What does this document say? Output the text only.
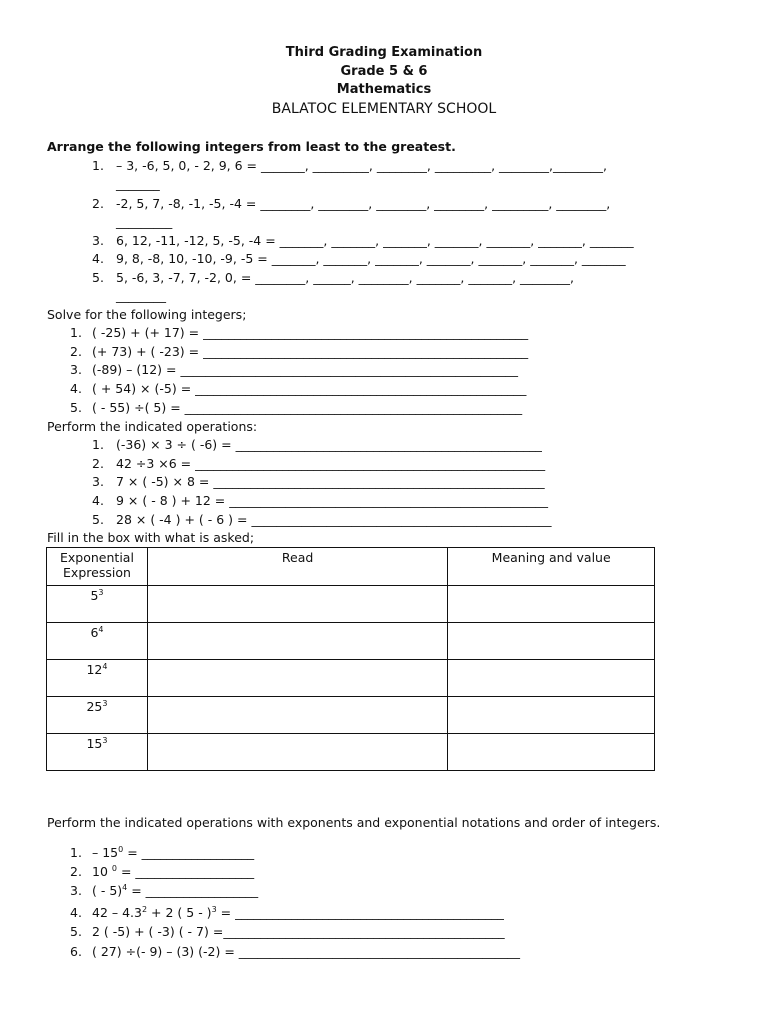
Third Grading Examination
Grade 5 & 6
Mathematics
BALATOC ELEMENTARY SCHOOL
Arrange the following integers from least to the greatest.
1. – 3, -6, 5, 0, - 2, 9, 6 = _______, _________, ________, _________, ________,________,
_______
2. -2, 5, 7, -8, -1, -5, -4 = ________, ________, ________, ________, _________, ________,
_________
3. 6, 12, -11, -12, 5, -5, -4 = _______, _______, _______, _______, _______, _______, _______
4. 9, 8, -8, 10, -10, -9, -5 = _______, _______, _______, _______, _______, _______, _______
5. 5, -6, 3, -7, 7, -2, 0, = ________, ______, ________, _______, _______, ________,
________
Solve for the following integers;
1. ( -25) + (+ 17) = ____________________________________________________
2. (+ 73) + ( -23) = ____________________________________________________
3. (-89) – (12) = ______________________________________________________
4. ( + 54) × (-5) = _____________________________________________________
5. ( - 55) ÷( 5) = ______________________________________________________
Perform the indicated operations:
1. (-36) × 3 ÷ ( -6) = _________________________________________________
2. 42 ÷3 ×6 = ________________________________________________________
3. 7 × ( -5) × 8 = _____________________________________________________
4. 9 × ( - 8 ) + 12 = ___________________________________________________
5. 28 × ( -4 ) + ( - 6 ) = ________________________________________________
Fill in the box with what is asked;
Exponential Expression	Read	Meaning and value
$5^3$		
$6^4$		
$12^4$		
$25^3$		
$15^3$		
Perform the indicated operations with exponents and exponential notations and order of integers.
1. – $15^0$ = __________________
2. 10 $^0$ = ___________________
3. ( - 5)$^4$ = __________________
4. $42 - 4.3^2 + 2$ ( 5 - )$^3$ = ___________________________________________
5. 2 ( -5) + ( -3) ( - 7) =_____________________________________________
6. ( 27) ÷(- 9) – (3) (-2) = _____________________________________________
